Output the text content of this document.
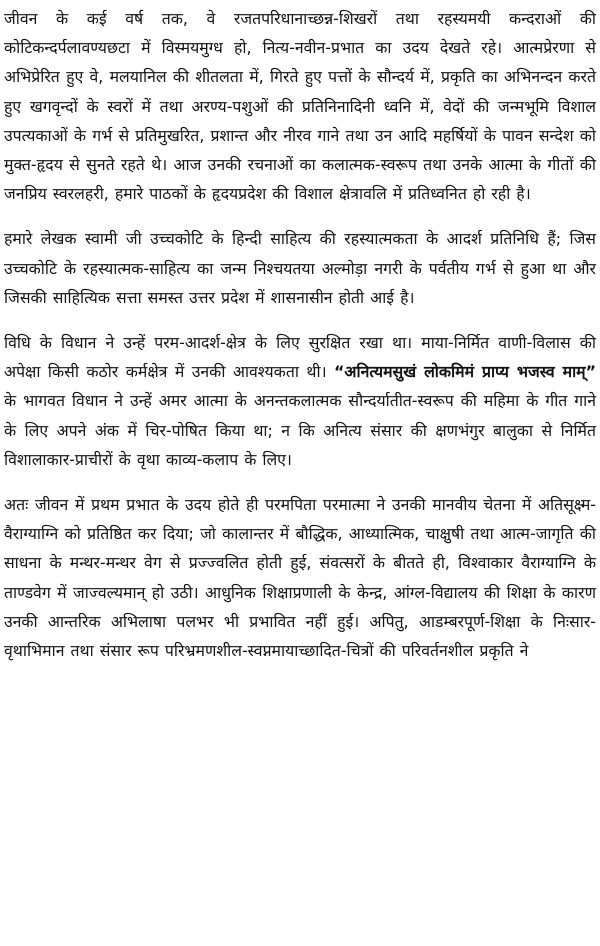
जीवन के कई वर्ष तक, वे रजतपरिधानाच्छन्न-शिखरों तथा रहस्यमयी कन्दराओं की कोटिकन्दर्पलावण्यछटा में विस्मयमुग्ध हो, नित्य-नवीन-प्रभात का उदय देखते रहे। आत्मप्रेरणा से अभिप्रेरित हुए वे, मलयानिल की शीतलता में, गिरते हुए पत्तों के सौन्दर्य में, प्रकृति का अभिनन्दन करते हुए खगवृन्दों के स्वरों में तथा अरण्य-पशुओं की प्रतिनिनादिनी ध्वनि में, वेदों की जन्मभूमि विशाल उपत्यकाओं के गर्भ से प्रतिमुखरित, प्रशान्त और नीरव गाने तथा उन आदि महर्षियों के पावन सन्देश को मुक्त-हृदय से सुनते रहते थे। आज उनकी रचनाओं का कलात्मक-स्वरूप तथा उनके आत्मा के गीतों की जनप्रिय स्वरलहरी, हमारे पाठकों के हृदयप्रदेश की विशाल क्षेत्रावलि में प्रतिध्वनित हो रही है।

हमारे लेखक स्वामी जी उच्चकोटि के हिन्दी साहित्य की रहस्यात्मकता के आदर्श प्रतिनिधि हैं; जिस उच्चकोटि के रहस्यात्मक-साहित्य का जन्म निश्चयतया अल्मोड़ा नगरी के पर्वतीय गर्भ से हुआ था और जिसकी साहित्यिक सत्ता समस्त उत्तर प्रदेश में शासनासीन होती आई है।

विधि के विधान ने उन्हें परम-आदर्श-क्षेत्र के लिए सुरक्षित रखा था। माया-निर्मित वाणी-विलास की अपेक्षा किसी कठोर कर्मक्षेत्र में उनकी आवश्यकता थी। “अनित्यमसुखं लोकमिमं प्राप्य भजस्व माम्” के भागवत विधान ने उन्हें अमर आत्मा के अनन्तकलात्मक सौन्दर्यातीत-स्वरूप की महिमा के गीत गाने के लिए अपने अंक में चिर-पोषित किया था; न कि अनित्य संसार की क्षणभंगुर बालुका से निर्मित विशालाकार-प्राचीरों के वृथा काव्य-कलाप के लिए।

अतः जीवन में प्रथम प्रभात के उदय होते ही परमपिता परमात्मा ने उनकी मानवीय चेतना में अतिसूक्ष्म-वैराग्याग्नि को प्रतिष्ठित कर दिया; जो कालान्तर में बौद्धिक, आध्यात्मिक, चाक्षुषी तथा आत्म-जागृति की साधना के मन्थर-मन्थर वेग से प्रज्ज्वलित होती हुई, संवत्सरों के बीतते ही, विश्वाकार वैराग्याग्नि के ताण्डवेग में जाज्वल्यमान् हो उठी। आधुनिक शिक्षाप्रणाली के केन्द्र, आंग्ल-विद्यालय की शिक्षा के कारण उनकी आन्तरिक अभिलाषा पलभर भी प्रभावित नहीं हुई। अपितु, आडम्बरपूर्ण-शिक्षा के निःसार-वृथाभिमान तथा संसार रूप परिभ्रमणशील-स्वप्नमायाच्छादित-चित्रों की परिवर्तनशील प्रकृति ने
